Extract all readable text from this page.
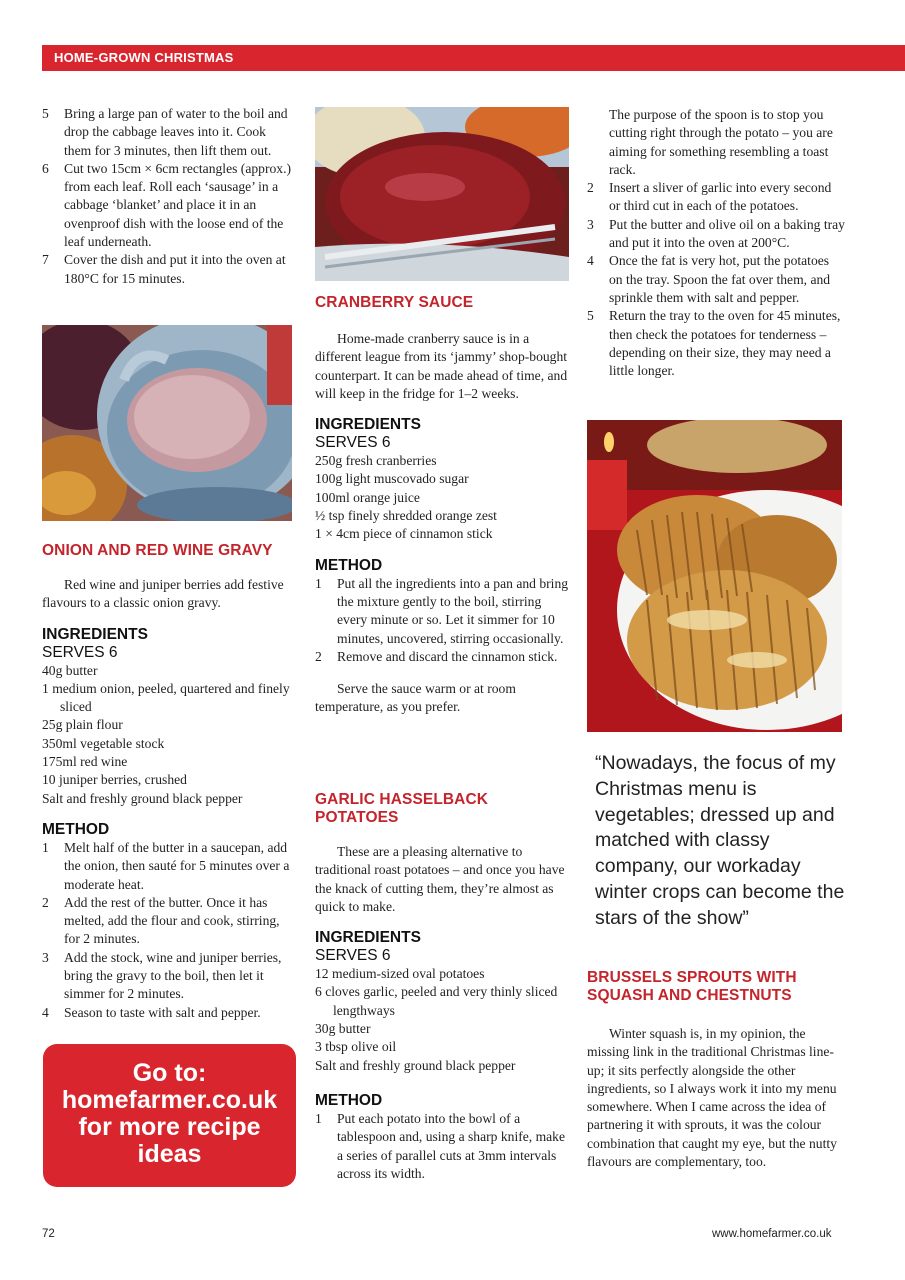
HOME-GROWN CHRISTMAS
5 Bring a large pan of water to the boil and drop the cabbage leaves into it. Cook them for 3 minutes, then lift them out.
6 Cut two 15cm × 6cm rectangles (approx.) from each leaf. Roll each ‘sausage’ in a cabbage ‘blanket’ and place it in an ovenproof dish with the loose end of the leaf underneath.
7 Cover the dish and put it into the oven at 180°C for 15 minutes.
ONION AND RED WINE GRAVY

Red wine and juniper berries add festive flavours to a classic onion gravy.

INGREDIENTS
SERVES 6
40g butter
1 medium onion, peeled, quartered and finely sliced
25g plain flour
350ml vegetable stock
175ml red wine
10 juniper berries, crushed
Salt and freshly ground black pepper
METHOD
1 Melt half of the butter in a saucepan, add the onion, then sauté for 5 minutes over a moderate heat.
2 Add the rest of the butter. Once it has melted, add the flour and cook, stirring, for 2 minutes.
3 Add the stock, wine and juniper berries, bring the gravy to the boil, then let it simmer for 2 minutes.
4 Season to taste with salt and pepper.
Go to:
homefarmer.co.uk
for more recipe
ideas
CRANBERRY SAUCE

Home-made cranberry sauce is in a different league from its ‘jammy’ shop-bought counterpart. It can be made ahead of time, and will keep in the fridge for 1–2 weeks.

INGREDIENTS
SERVES 6
250g fresh cranberries
100g light muscovado sugar
100ml orange juice
½ tsp finely shredded orange zest
1 × 4cm piece of cinnamon stick
METHOD
1 Put all the ingredients into a pan and bring the mixture gently to the boil, stirring every minute or so. Let it simmer for 10 minutes, uncovered, stirring occasionally.
2 Remove and discard the cinnamon stick.

Serve the sauce warm or at room temperature, as you prefer.

GARLIC HASSELBACK
POTATOES

These are a pleasing alternative to traditional roast potatoes – and once you have the knack of cutting them, they’re almost as quick to make.

INGREDIENTS
SERVES 6
12 medium-sized oval potatoes
6 cloves garlic, peeled and very thinly sliced lengthways
30g butter
3 tbsp olive oil
Salt and freshly ground black pepper
METHOD
1 Put each potato into the bowl of a tablespoon and, using a sharp knife, make a series of parallel cuts at 3mm intervals across its width.

The purpose of the spoon is to stop you cutting right through the potato – you are aiming for something resembling a toast rack.

2 Insert a sliver of garlic into every second or third cut in each of the potatoes.
3 Put the butter and olive oil on a baking tray and put it into the oven at 200°C.
4 Once the fat is very hot, put the potatoes on the tray. Spoon the fat over them, and sprinkle them with salt and pepper.
5 Return the tray to the oven for 45 minutes, then check the potatoes for tenderness – depending on their size, they may need a little longer.
“Nowadays, the focus of my Christmas menu is vegetables; dressed up and matched with classy company, our workaday winter crops can become the stars of the show”
BRUSSELS SPROUTS WITH
SQUASH AND CHESTNUTS

Winter squash is, in my opinion, the missing link in the traditional Christmas line-up; it sits perfectly alongside the other ingredients, so I always work it into my menu somewhere. When I came across the idea of partnering it with sprouts, it was the colour combination that caught my eye, but the nutty flavours are complementary, too.

72	www.homefarmer.co.uk
